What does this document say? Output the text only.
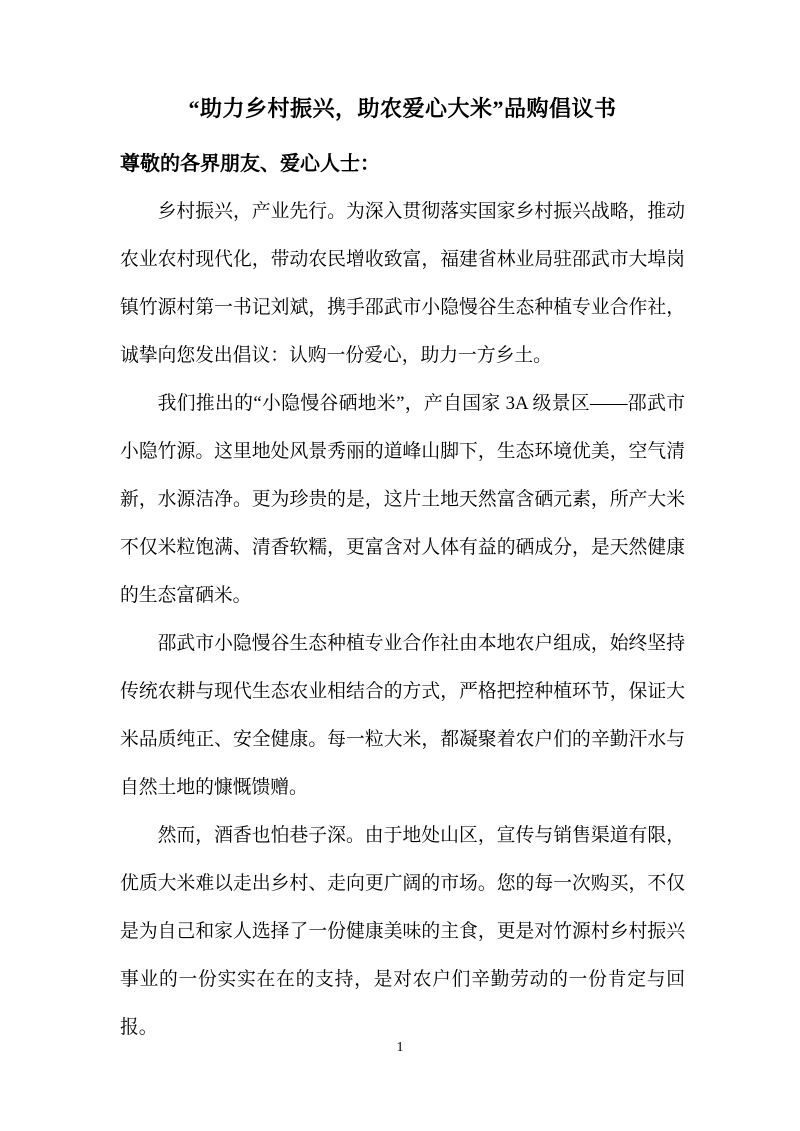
“助力乡村振兴，助农爱心大米”品购倡议书

尊敬的各界朋友、爱心人士：

乡村振兴，产业先行。为深入贯彻落实国家乡村振兴战略，推动农业农村现代化，带动农民增收致富，福建省林业局驻邵武市大埠岗镇竹源村第一书记刘斌，携手邵武市小隐慢谷生态种植专业合作社，诚挚向您发出倡议：认购一份爱心，助力一方乡土。

我们推出的“小隐慢谷硒地米”，产自国家 3A 级景区——邵武市小隐竹源。这里地处风景秀丽的道峰山脚下，生态环境优美，空气清新，水源洁净。更为珍贵的是，这片土地天然富含硒元素，所产大米不仅米粒饱满、清香软糯，更富含对人体有益的硒成分，是天然健康的生态富硒米。

邵武市小隐慢谷生态种植专业合作社由本地农户组成，始终坚持传统农耕与现代生态农业相结合的方式，严格把控种植环节，保证大米品质纯正、安全健康。每一粒大米，都凝聚着农户们的辛勤汗水与自然土地的慷慨馈赠。

然而，酒香也怕巷子深。由于地处山区，宣传与销售渠道有限，优质大米难以走出乡村、走向更广阔的市场。您的每一次购买，不仅是为自己和家人选择了一份健康美味的主食，更是对竹源村乡村振兴事业的一份实实在在的支持，是对农户们辛勤劳动的一份肯定与回报。

1
